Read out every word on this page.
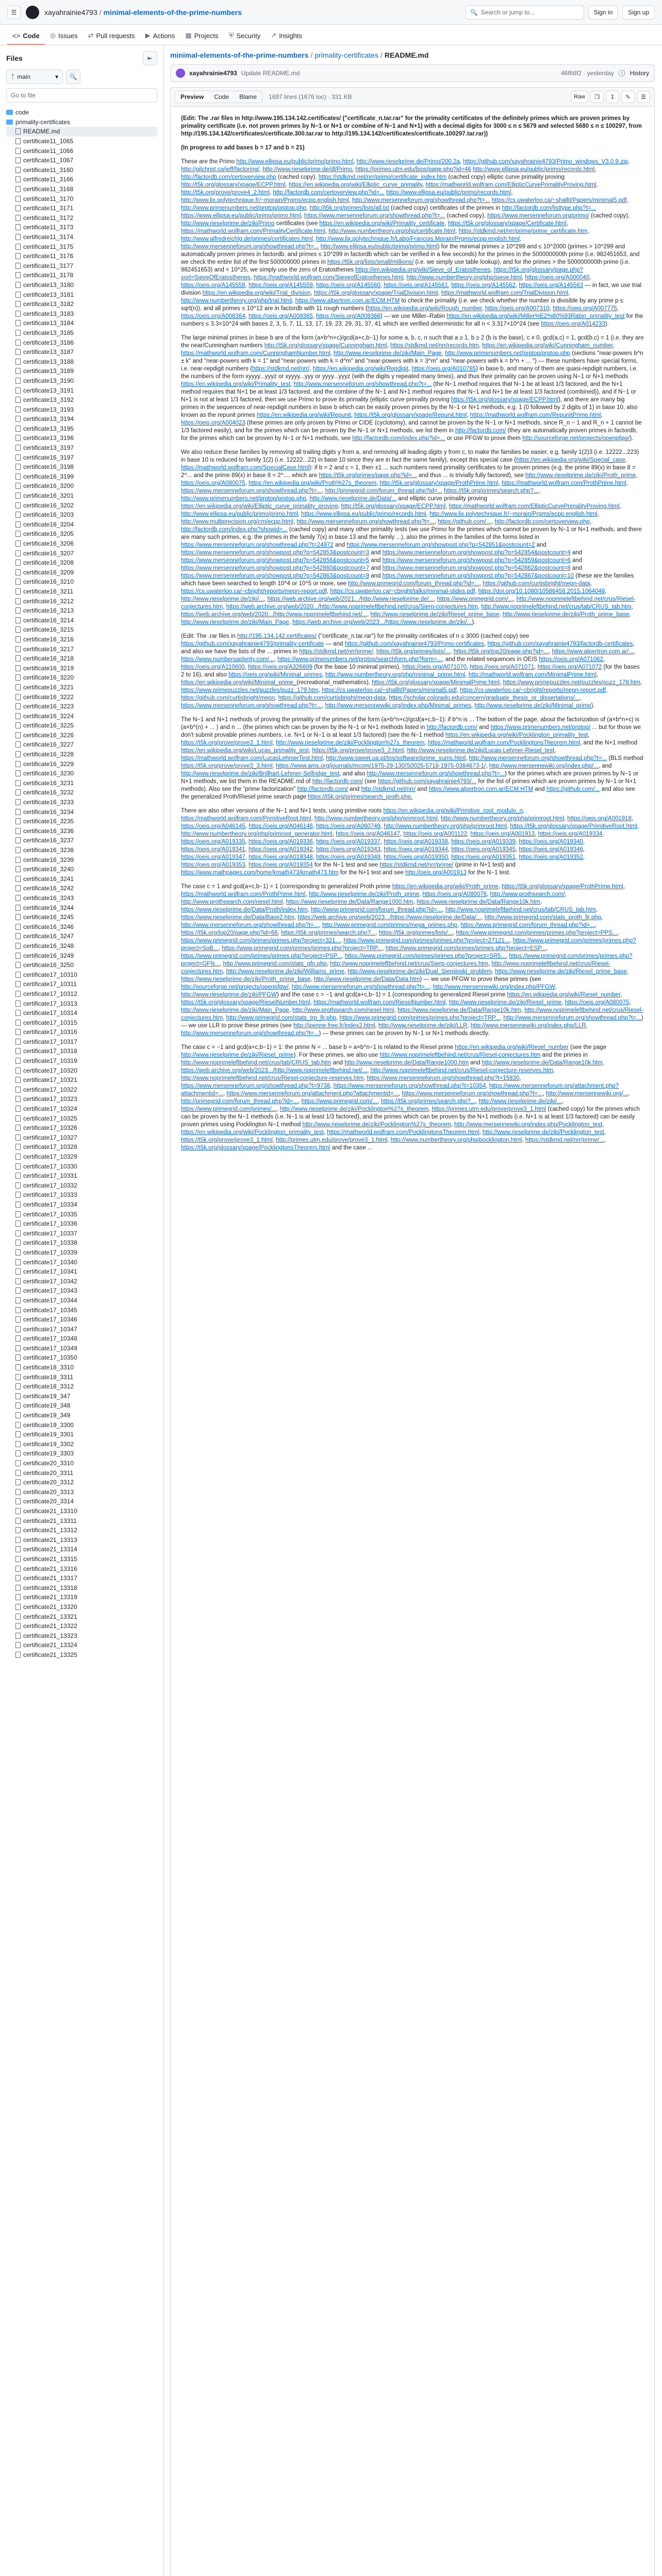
☰	xayahrainie4793 / minimal-elements-of-the-prime-numbers	🔍 Search or jump to...	Sign in	Sign up
<> Code ◎ Issues ⇄ Pull requests ▶ Actions ▦ Projects ⛨ Security ↗ Insights
Files	⇤
ᛉ main	▾	🔍
Go to file
code
primality-certificates
README.md
certificate11_1065
certificate11_1066
certificate11_1067
certificate11_3160
certificate11_3166
certificate11_3168
certificate11_3170
certificate11_3171
certificate11_3172
certificate11_3173
certificate11_3174
certificate11_3175
certificate11_3176
certificate11_3177
certificate11_3178
certificate13_3180
certificate13_3181
certificate13_3182
certificate13_3183
certificate13_3184
certificate13_3185
certificate13_3186
certificate13_3187
certificate13_3188
certificate13_3189
certificate13_3190
certificate13_3191
certificate13_3192
certificate13_3193
certificate13_3194
certificate13_3195
certificate13_3196
certificate13_3197
certificate16_3197
certificate16_3198
certificate16_3199
certificate16_3200
certificate16_3201
certificate16_3202
certificate16_3203
certificate16_3204
certificate16_3205
certificate16_3206
certificate16_3207
certificate16_3208
certificate16_3209
certificate16_3210
certificate16_3211
certificate16_3212
certificate16_3213
certificate16_3214
certificate16_3215
certificate16_3216
certificate16_3217
certificate16_3218
certificate16_3219
certificate16_3220
certificate16_3221
certificate16_3222
certificate16_3223
certificate16_3224
certificate16_3225
certificate16_3226
certificate16_3227
certificate16_3228
certificate16_3229
certificate16_3230
certificate16_3231
certificate16_3232
certificate16_3233
certificate16_3234
certificate16_3235
certificate16_3236
certificate16_3237
certificate16_3238
certificate16_3239
certificate16_3240
certificate16_3241
certificate16_3242
certificate16_3243
certificate16_3244
certificate16_3245
certificate16_3246
certificate16_3247
certificate16_3248
certificate16_3249
certificate16_3250
certificate17_10310
certificate17_10311
certificate17_10312
certificate17_10313
certificate17_10314
certificate17_10315
certificate17_10316
certificate17_10317
certificate17_10318
certificate17_10319
certificate17_10320
certificate17_10321
certificate17_10322
certificate17_10323
certificate17_10324
certificate17_10325
certificate17_10326
certificate17_10327
certificate17_10328
certificate17_10329
certificate17_10330
certificate17_10331
certificate17_10332
certificate17_10333
certificate17_10334
certificate17_10335
certificate17_10336
certificate17_10337
certificate17_10338
certificate17_10339
certificate17_10340
certificate17_10341
certificate17_10342
certificate17_10343
certificate17_10344
certificate17_10345
certificate17_10346
certificate17_10347
certificate17_10348
certificate17_10349
certificate17_10350
certificate18_3310
certificate18_3311
certificate18_3312
certificate19_347
certificate19_348
certificate19_349
certificate19_3300
certificate19_3301
certificate19_3302
certificate19_3303
certificate20_3310
certificate20_3311
certificate20_3312
certificate20_3313
certificate20_3314
certificate21_13310
certificate21_13311
certificate21_13312
certificate21_13313
certificate21_13314
certificate21_13315
certificate21_13316
certificate21_13317
certificate21_13318
certificate21_13319
certificate21_13320
certificate21_13321
certificate21_13322
certificate21_13323
certificate21_13324
certificate21_13325
minimal-elements-of-the-prime-numbers / primality-certificates / README.md
xayahrainie4793 Update README.md	46f66f2 · yesterday 🕓 History
Preview	Code	Blame	1697 lines (1676 loc) · 331 KB	Raw	❐	↧	✎	☰

(Edit: The .rar files in http://www.195.134.142.certificates/ ("certificate_n.tar.rar" for the primality certificates of the definitely primes which are proven primes by primality certificate (i.e. not proven primes by N−1 or N+1 or combine of N−1 and N+1) with a decimal digits for 3000 ≤ n ≤ 5679 and selected 5680 ≤ n ≤ 100297, from http://195.134.142/certificates/certificate.300.tar.rar to http://195.134.142/certificates/certificate.100297.tar.rar))

(In progress to add bases b = 17 and b = 21)

These are the Primo http://www.ellipsa.eu/public/primo/primo.html, http://www.rieselprime.de/Primo/200.2a, https://github.com/xayahrainie4793/Primo_windows_V3.0.9.zip, http://gilchrist.ca/jeff/factoring/, http://www.rieselprime.de/dl/Primo. https://primes.utm.edu/bios/page.php?id=46 http://www.ellipsa.eu/public/primo/records.html, http://factordb.com/certoverview.php (cached copy), https://stdkmd.net/nrr/primo/certificate_index.htm (cached copy) elliptic curve primality proving http://t5k.org/glossary/xpage/ECPP.html, https://en.wikipedia.org/wiki/Elliptic_curve_primality, https://mathworld.wolfram.com/EllipticCurvePrimalityProving.html, http://t5k.org/prove/prove4_2.html, http://factordb.com/certoverview.php?id=... https://www.ellipsa.eu/public/primo/records.html, http://www.lix.polytechnique.fr/~morain/Prgms/ecpp.english.html, http://www.mersenneforum.org/showthread.php?t=... https://cs.uwaterloo.ca/~shallit/Papers/minimal5.pdf, http://www.primenumbers.net/prptop/prptop.php, http://t5k.org/primes/lists/all.txt (cached copy) certificates of the primes in http://factordb.com/listtype.php?t=... https://www.ellipsa.eu/public/primo/primo.html, https://www.mersenneforum.org/showthread.php?t=... (cached copy), https://www.mersenneforum.org/primo/ (cached copy), http://www.rieselprime.de/ziki/Primo certificates (see https://en.wikipedia.org/wiki/Primality_certificate, https://t5k.org/glossary/xpage/Certificate.html, https://mathworld.wolfram.com/PrimalityCertificate.html, http://www.numbertheory.org/php/certificate.html, https://stdkmd.net/nrr/prime/prime_certificate.htm, http://www.alfredreichlg.de/primes/certificates.html, http://www.lix.polytechnique.fr/Labo/Francois.Morain/Prgms/ecpp.english.html, http://www.mersenneforum.org/showthread.php?t=... http://www.ellipsa.eu/public/primo/primo.html) for the minimal primes ≥ 10^299 and ≤ 10^2000 (primes > 10^299 and automatically proven primes in factordb, and primes ≤ 10^299 in factordb which can be verified in a few seconds) for the primes in the 500000000th prime (i.e. 982451653, and we check the entire list of the first 500000000 primes in https://t5k.org/lists/small/millions/ (i.e. we simply use table lookup), and for the primes > the 500000000th prime (i.e. 982451653) and < 10^25, we simply use the zero of Eratosthenes https://en.wikipedia.org/wiki/Sieve_of_Eratosthenes, https://t5k.org/glossary/page.php?sort=SieveOfEratosthenes, https://mathworld.wolfram.com/SieveofEratosthenes.html, http://www.numbertheory.org/php/sieve.html, https://oeis.org/A000040, https://oeis.org/A145558, https://oeis.org/A145559, https://oeis.org/A145560, https://oeis.org/A145561, https://oeis.org/A145562, https://oeis.org/A145563 — in fact, we use trial division https://en.wikipedia.org/wiki/Trial_division, https://t5k.org/glossary/xpage/TrialDivision.html, https://mathworld.wolfram.com/TrialDivision.html, http://www.numbertheory.org/php/trial.html, https://www.alpertron.com.ar/ECM.HTM to check the primality (i.e. we check whether the number is divisible by any prime p ≤ sqrt(n)), and all primes ≤ 10^12 are in factordb with 11 rough numbers (https://en.wikipedia.org/wiki/Rough_number, https://oeis.org/A007310, https://oeis.org/A007775, https://oeis.org/A008364, https://oeis.org/A008365, https://oeis.org/A008366) — we use Miller–Rabin https://en.wikipedia.org/wiki/Miller%E2%80%93Rabin_primality_test for the numbers ≤ 3.3×10^24 with bases 2, 3, 5, 7, 11, 13, 17, 19, 23, 29, 31, 37, 41 which are verified deterministic for all n < 3.317×10^24 (see https://oeis.org/A014233).

The large minimal primes in base b are of the form (a×b^n+c)/gcd(a+c,b−1) for some a, b, c, n such that a ≥ 1, b ≥ 2 (b is the base), c ≠ 0, gcd(a,c) = 1, gcd(b,c) = 1 (i.e. they are the near/Cunningham numbers http://t5k.org/glossary/xpage/Cunningham.html, https://stdkmd.net/nrr/records.htm, https://en.wikipedia.org/wiki/Cunningham_number, https://mathworld.wolfram.com/CunninghamNumber.html, http://www.rieselprime.de/ziki/Main_Page, http://www.primenumbers.net/prptop/prptop.php (sections "near-powers b^n ± k" and "near-powers with k = 1" and "near-powers with k = d^m" and "near-powers with k = 3^m" and "near-powers with k = b^n + ... ") — these numbers have special forms, i.e. near-repdigit numbers (https://stdkmd.net/nrr/, https://en.wikipedia.org/wiki/Repdigit, https://oeis.org/A010785) in base b, and many of them are quasi-repdigit numbers, i.e. the numbers of the form xyyyy...yyyz or xyyyy...yyy or yyyy...yyyz (with the digits y repeated many times), and thus their primality can be proven using N−1 or N+1 methods https://en.wikipedia.org/wiki/Primality_test, http://www.mersenneforum.org/showthread.php?t=... (the N−1 method requires that N−1 be at least 1/3 factored, and the N+1 method requires that N+1 be at least 1/3 factored, and the combine of the N−1 and N+1 method requires that N−1 and N+1 be at least 1/3 factored (combined)), and if N−1 or N+1 is not at least 1/3 factored, then we use Primo to prove its primality (elliptic curve primality proving https://t5k.org/glossary/xpage/ECPP.html), and there are many big primes in the sequences of near-repdigit numbers in base b which can be easily proven primes by the N−1 or N+1 methods, e.g. 1 (0 followed by 2 digits of 1) in base 10, also known as the repunit primes https://en.wikipedia.org/wiki/Repunit, https://t5k.org/glossary/xpage/Repunit.html, https://mathworld.wolfram.com/RepunitPrime.html, https://oeis.org/A004023 (these primes are only proven by Primo or CIDE (cyclotomy), and cannot be proven by the N−1 or N+1 methods, since R_n − 1 and R_n + 1 cannot be 1/3 factored easily), and for the primes which can be proven by the N−1 or N+1 methods, we list them in http://factordb.com/ (they are automatically proven primes in factordb, for the primes which can be proven by N−1 or N+1 methods, see http://factordb.com/index.php?id=... or use PFGW to prove them http://sourceforge.net/projects/openpfgw/).

We also reduce these families by removing all trailing digits y from a, and removing all leading digits y from c, to make the families be easier, e.g. family 1(2)3 (i.e. 12222...223) in base 10 is reduced to family 1(2) (i.e. 12222...22) in base 10 since they are in fact the same family), except this special case (https://en.wikipedia.org/wiki/Special_case, https://mathworld.wolfram.com/SpecialCase.html): if b = 2 and c = 1, then ±1 ... such numbers need primality certificates to be proven primes (e.g. the prime 89(x) in base 8 = 2^... and the prime 89(x) in base 8 = 2^..., which are https://t5k.org/primes/page.php?id=... and thus ... is trivially fully factored), see http://www.rieselprime.de/ziki/Proth_prime, https://oeis.org/A080075, https://en.wikipedia.org/wiki/Proth%27s_theorem, http://t5k.org/glossary/xpage/ProthPrime.html, https://mathworld.wolfram.com/ProthPrime.html, https://www.mersenneforum.org/showthread.php?t=..., http://primegrid.com/forum_thread.php?id=... https://t5k.org/primes/search.php?..., http://www.primenumbers.net/prptop/prptop.php, http://www.rieselprime.de/Data/... and elliptic curve primality proving https://en.wikipedia.org/wiki/Elliptic_curve_primality_proving, http://t5k.org/glossary/xpage/ECPP.html, https://mathworld.wolfram.com/EllipticCurvePrimalityProving.html, http://www.ellipsa.eu/public/primo/primo.html, https://www.ellipsa.eu/public/primo/records.html, http://www.lix.polytechnique.fr/~morain/Prgms/ecpp.english.html, http://www.multiprecision.org/cm/ecpp.html, http://www.mersenneforum.org/showthread.php?t=..., https://github.com/..., http://factordb.com/certoverview.php, http://factordb.com/index.php?showid=... (cached copy) and many other primality tests (we use Primo for the primes which cannot be proven by N−1 or N+1 methods, and there are many such primes, e.g. the primes in the family 7(x) in base 13 and the family ...), also the primes in the families of the forms listed in https://www.mersenneforum.org/showthread.php?t=24972 and https://www.mersenneforum.org/showpost.php?p=542851&postcount=2 and https://www.mersenneforum.org/showpost.php?p=542853&postcount=3 and https://www.mersenneforum.org/showpost.php?p=542854&postcount=4 and https://www.mersenneforum.org/showpost.php?p=542856&postcount=5 and https://www.mersenneforum.org/showpost.php?p=542859&postcount=6 and https://www.mersenneforum.org/showpost.php?p=542860&postcount=7 and https://www.mersenneforum.org/showpost.php?p=542862&postcount=8 and https://www.mersenneforum.org/showpost.php?p=542863&postcount=9 and https://www.mersenneforum.org/showpost.php?p=542867&postcount=10 (these are the families which have been searched to length 10^4 or 10^5 or more, see http://www.primegrid.com/forum_thread.php?id=..., https://github.com/curtisbright/mepn-data, https://cs.uwaterloo.ca/~cbright/reports/mepn-report.pdf, https://cs.uwaterloo.ca/~cbright/talks/minimal-slides.pdf, https://doi.org/10.1080/10586458.2015.1064048, http://www.rieselprime.de/ziki/..., https://web.archive.org/web/2021.../http://www.rieselprime.de/..., https://www.primegrid.com/..., http://www.noprimeleftbehind.net/crus/Riesel-conjectures.htm, https://web.archive.org/web/2020.../http://www.noprimeleftbehind.net/crus/Sierp-conjectures.htm, http://www.noprimeleftbehind.net/crus/tab/CRUS_tab.htm, https://web.archive.org/web/2020.../http://www.noprimeleftbehind.net/..., http://www.rieselprime.de/ziki/Riesel_prime_base, http://www.rieselprime.de/ziki/Proth_prime_base, http://www.rieselprime.de/ziki/Main_Page, https://web.archive.org/web/2023.../https://www.rieselprime.de/ziki/...).

(Edit: The .rar files in http://195.134.142.certificates/ ("certificate_n.tar.rar") for the primality certificates of n ≤ 3000 (cached copy) see https://github.com/xayahrainie4793/primality-certificate — and https://github.com/xayahrainie4793/Primo-certificates, https://github.com/xayahrainie4793/factordb-certificates, and also we have the lists of the ... primes in https://stdkmd.net/nrr/prime/, https://t5k.org/primes/lists/..., https://t5k.org/top20/page.php?id=..., https://www.alpertron.com.ar/..., https://www.numbersaplenty.com/..., https://www.primenumbers.net/prptop/searchform.php?form=..., and the related sequences in OEIS https://oeis.org/A071062, https://oeis.org/A110600, https://oeis.org/A326609 (for the base 10 minimal primes), https://oeis.org/A071070, https://oeis.org/A071071, https://oeis.org/A071072 (for the bases 2 to 16), and also https://oeis.org/wiki/Minimal_primes, http://www.numbertheory.org/php/minimal_prime.html, http://mathworld.wolfram.com/MinimalPrime.html, https://en.wikipedia.org/wiki/Minimal_prime_(recreational_mathematics), https://t5k.org/glossary/xpage/MinimalPrime.html, https://www.primepuzzles.net/puzzles/puzz_178.htm, https://www.primepuzzles.net/puzzles/puzz_179.htm, https://cs.uwaterloo.ca/~shallit/Papers/minimal5.pdf, https://cs.uwaterloo.ca/~cbright/reports/mepn-report.pdf, https://github.com/curtisbright/mepn, https://github.com/curtisbright/mepn-data, https://scholar.colorado.edu/concern/graduate_thesis_or_dissertations/..., https://www.mersenneforum.org/showthread.php?t=..., http://www.mersennewiki.org/index.php/Minimal_primes, http://www.rieselprime.de/ziki/Minimal_prime).

The N−1 and N+1 methods of proving the primality of the primes of the form (a×b^n+c)/gcd(a+c,b−1): if b^n is ... The bottom of the page, about the factorization of (a×b^n+c) is (a×b^(n) + ... ) and n ... (the primes which can be proven by the N−1 or N+1 methods listed in http://factordb.com/ and https://www.primenumbers.net/prptop/ ... but for those we don't submit provable primes numbers, i.e. N+1 or N−1 is at least 1/3 factored) (see the N−1 method https://en.wikipedia.org/wiki/Pocklington_primality_test, https://t5k.org/prove/prove3_1.html, http://www.rieselprime.de/ziki/Pocklington%27s_theorem, https://mathworld.wolfram.com/PocklingtonsTheorem.html, and the N+1 method https://en.wikipedia.org/wiki/Lucas_primality_test, https://t5k.org/prove/prove3_2.html, http://www.rieselprime.de/ziki/Lucas-Lehmer-Riesel_test, https://mathworld.wolfram.com/LucasLehmerTest.html, http://www.sweet.ua.pt/tos/software/prime_sums.html, http://www.mersenneforum.org/showthread.php?t=... (BLS method https://t5k.org/prove/prove3_3.html, https://www.ams.org/journals/mcom/1975-29-130/S0025-5718-1975-0384673-1/, http://www.mersennewiki.org/index.php/..., and http://www.rieselprime.de/ziki/Brillhart-Lehmer-Selfridge_test, and also http://www.mersenneforum.org/showthread.php?t=...) for the primes which are proven primes by N−1 or N+1 methods, we list them in the README.md of http://factordb.com/ (see https://github.com/xayahrainie4793/... for the list of primes which are proven primes by N−1 or N+1 methods). Also see the "prime factorization" http://factordb.com/ and http://stdkmd.net/nrr/ and https://www.alpertron.com.ar/ECM.HTM and https://github.com/... and also see the generalized Proth/Riesel prime search page https://t5k.org/primes/search_proth.php.

There are also other versions of the N−1 and N+1 tests, using primitive roots https://en.wikipedia.org/wiki/Primitive_root_modulo_n, https://mathworld.wolfram.com/PrimitiveRoot.html, http://www.numbertheory.org/php/primroot.html, http://www.numbertheory.org/php/primroot.html, https://oeis.org/A001918, https://oeis.org/A046145, https://oeis.org/A046146, https://oeis.org/A060749, http://www.numbertheory.org/php/primroot.html, https://t5k.org/glossary/xpage/PrimitiveRoot.html, http://www.numbertheory.org/php/primroot_generator.html, https://oeis.org/A046147, https://oeis.org/A001122, https://oeis.org/A001913, https://oeis.org/A019334, https://oeis.org/A019335, https://oeis.org/A019336, https://oeis.org/A019337, https://oeis.org/A019338, https://oeis.org/A019339, https://oeis.org/A019340, https://oeis.org/A019341, https://oeis.org/A019342, https://oeis.org/A019343, https://oeis.org/A019344, https://oeis.org/A019345, https://oeis.org/A019346, https://oeis.org/A019347, https://oeis.org/A019348, https://oeis.org/A019349, https://oeis.org/A019350, https://oeis.org/A019351, https://oeis.org/A019352, https://oeis.org/A019353, https://oeis.org/A019354 for the N−1 test and see https://stdkmd.net/nrr/prime/ (prime in N+1 test) and https://www.mathpages.com/home/kmath473/kmath473.htm for the N+1 test and see http://oeis.org/A001913 for the N−1 test.

The case c = 1 and gcd(a+c,b−1) = 1 (corresponding to generalized Proth prime https://en.wikipedia.org/wiki/Proth_prime, https://t5k.org/glossary/xpage/ProthPrime.html, https://mathworld.wolfram.com/ProthPrime.html, http://www.rieselprime.de/ziki/Proth_prime, https://oeis.org/A080076, http://www.prothsearch.com/, http://www.prothsearch.com/riesel.html, https://www.rieselprime.de/Data/Range1000.htm, https://www.rieselprime.de/Data/Range10k.htm, https://www.rieselprime.de/Data/Proth/index.htm, http://www.primegrid.com/forum_thread.php?id=..., http://www.noprimeleftbehind.net/crus/tab/CRUS_tab.htm, https://www.rieselprime.de/Data/Base2.htm, https://web.archive.org/web/2023.../https://www.rieselprime.de/Data/..., http://www.primegrid.com/stats_proth_llr.php, http://www.mersenneforum.org/showthread.php?t=..., http://www.primegrid.com/primes/mega_primes.php, https://www.primegrid.com/forum_thread.php?id=..., https://t5k.org/top20/page.php?id=66, https://t5k.org/primes/search.php?..., https://t5k.org/primes/lists/..., https://www.primegrid.com/primes/primes.php?project=PPS..., https://www.primegrid.com/primes/primes.php?project=321..., https://www.primegrid.com/primes/primes.php?project=27121..., https://www.primegrid.com/primes/primes.php?project=SoB..., https://www.primegrid.com/primes/primes.php?project=TRP..., https://www.primegrid.com/primes/primes.php?project=ESP..., https://www.primegrid.com/primes/primes.php?project=PSP..., https://www.primegrid.com/primes/primes.php?project=SR5..., https://www.primegrid.com/primes/primes.php?project=GFN..., http://www.primegrid.com/stats_gfn.php, http://www.noprimeleftbehind.net/crus/Sierp-conjectures.htm, http://www.noprimeleftbehind.net/crus/Riesel-conjectures.htm, http://www.rieselprime.de/ziki/Williams_prime, http://www.rieselprime.de/ziki/Dual_Sierpinski_problem, https://www.rieselprime.de/ziki/Riesel_prime_base, https://www.rieselprime.de/ziki/Proth_prime_base, http://www.rieselprime.de/Data/Data.htm) — we use PFGW to prove these primes (see http://sourceforge.net/projects/openpfgw/, http://www.mersenneforum.org/showthread.php?t=..., http://www.mersennewiki.org/index.php/PFGW, http://www.rieselprime.de/ziki/PFGW) and the case c = −1 and gcd(a+c,b−1) = 1 (corresponding to generalized Riesel prime https://en.wikipedia.org/wiki/Riesel_number, https://t5k.org/glossary/xpage/RieselNumber.html, https://mathworld.wolfram.com/RieselNumber.html, http://www.rieselprime.de/ziki/Riesel_prime, https://oeis.org/A080075, http://www.rieselprime.de/ziki/Main_Page, http://www.prothsearch.com/riesel.html, https://www.rieselprime.de/Data/Range10k.htm, http://www.noprimeleftbehind.net/crus/Riesel-conjectures.htm, http://www.primegrid.com/stats_trp_llr.php, https://www.primegrid.com/primes/primes.php?project=TRP..., http://www.mersenneforum.org/showthread.php?t=...) — we use LLR to prove these primes (see http://jpenne.free.fr/index2.html, http://www.rieselprime.de/ziki/LLR, http://www.mersennewiki.org/index.php/LLR, http://www.mersenneforum.org/showthread.php?t=...) — these primes can be proven by N−1 or N+1 methods directly.

The case c = −1 and gcd(a+c,b−1) = 1: the prime N = ... base b = a×b^n−1 is related to the Riesel prime https://en.wikipedia.org/wiki/Riesel_number (see the page http://www.rieselprime.de/ziki/Riesel_prime). For these primes, we also use http://www.noprimeleftbehind.net/crus/Riesel-conjectures.htm and the primes in http://www.noprimeleftbehind.net/crus/tab/CRUS_tab.htm and http://www.rieselprime.de/Data/Range1000.htm and http://www.rieselprime.de/Data/Range10k.htm, https://web.archive.org/web/2023.../http://www.noprimeleftbehind.net/..., http://www.noprimeleftbehind.net/crus/Riesel-conjecture-reserves.htm, http://www.noprimeleftbehind.net/crus/Riesel-conjecture-reserves.htm, https://www.mersenneforum.org/showthread.php?t=15830, https://www.mersenneforum.org/showthread.php?t=9738, https://www.mersenneforum.org/showthread.php?t=10354, https://www.mersenneforum.org/attachment.php?attachmentid=..., https://www.mersenneforum.org/attachment.php?attachmentid=..., https://www.mersenneforum.org/showthread.php?t=..., http://www.mersennewiki.org/..., http://primegrid.com/forum_thread.php?id=..., https://www.primegrid.com/..., https://t5k.org/primes/search.php?..., http://www.rieselprime.de/ziki/..., https://www.primegrid.com/primes/..., http://www.rieselprime.de/ziki/Pocklington%27s_theorem, https://primes.utm.edu/prove/prove3_1.html (cached copy) for the primes which can be proven by the N−1 methods (i.e. N−1 is at least 1/3 factored), and the primes which can be proven by the N+1 methods (i.e. N+1 is at least 1/3 factored) can be easily proven primes using Pocklington N−1 method http://www.rieselprime.de/ziki/Pocklington%27s_theorem, http://www.mersennewiki.org/index.php/Pocklington_test, https://en.wikipedia.org/wiki/Pocklington_primality_test, https://mathworld.wolfram.com/PocklingtonsTheorem.html, http://www.rieselprime.de/ziki/Pocklington_test, https://t5k.org/prove/prove3_1.html, http://primes.utm.edu/prove/prove3_1.html, http://www.numbertheory.org/php/pocklington.html, https://stdkmd.net/nrr/prime/..., https://t5k.org/glossary/xpage/PocklingtonsTheorem.html and the case ...
